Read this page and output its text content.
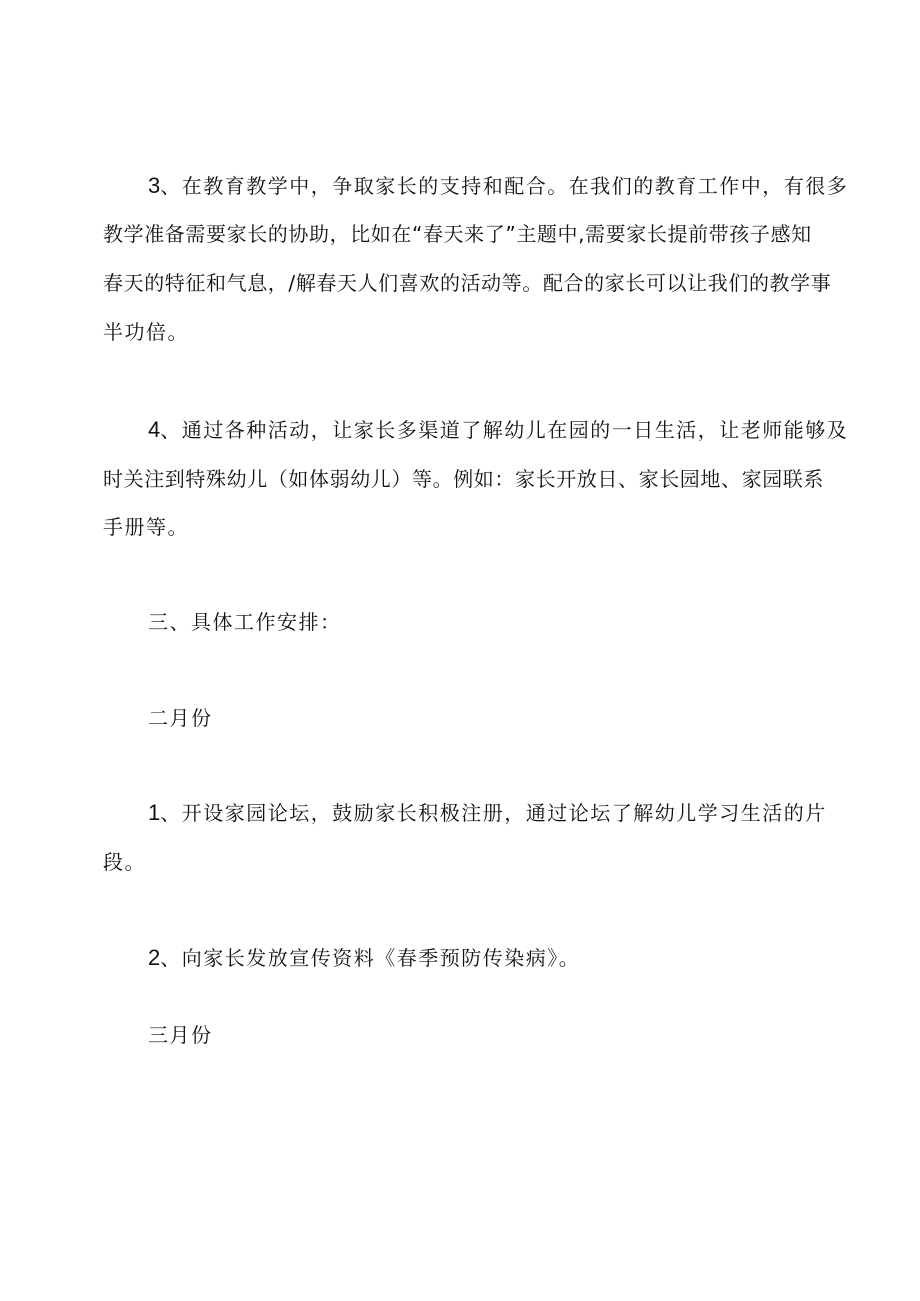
3、在教育教学中，争取家长的支持和配合。在我们的教育工作中，有很多
教学准备需要家长的协助，比如在“春天来了”主题中,需要家长提前带孩子感知
春天的特征和气息，/解春天人们喜欢的活动等。配合的家长可以让我们的教学事
半功倍。
4、通过各种活动，让家长多渠道了解幼儿在园的一日生活，让老师能够及
时关注到特殊幼儿（如体弱幼儿）等。例如：家长开放日、家长园地、家园联系
手册等。
三、具体工作安排：
二月份
1、开设家园论坛，鼓励家长积极注册，通过论坛了解幼儿学习生活的片
段。
2、向家长发放宣传资料《春季预防传染病》。
三月份
